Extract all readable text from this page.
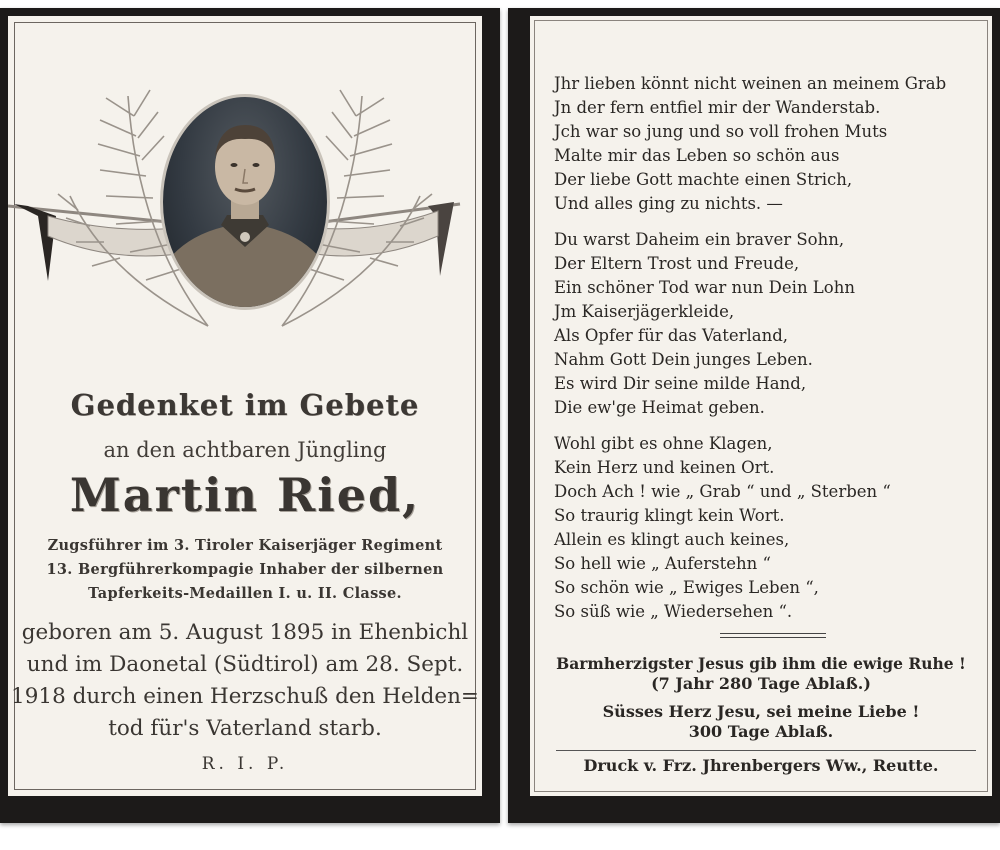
Gedenket im Gebete
an den achtbaren Jüngling
Martin Ried,
Zugsführer im 3. Tiroler Kaiserjäger Regiment
13. Bergführerkompagie Inhaber der silbernen
Tapferkeits-Medaillen I. u. II. Classe.
geboren am 5. August 1895 in Ehenbichl
und im Daonetal (Südtirol) am 28. Sept.
1918 durch einen Herzschuß den Helden=
tod für's Vaterland starb.
R. I. P.
Jhr lieben könnt nicht weinen an meinem Grab
Jn der fern entfiel mir der Wanderstab.
Jch war so jung und so voll frohen Muts
Malte mir das Leben so schön aus
Der liebe Gott machte einen Strich,
Und alles ging zu nichts. —
Du warst Daheim ein braver Sohn,
Der Eltern Trost und Freude,
Ein schöner Tod war nun Dein Lohn
Jm Kaiserjägerkleide,
Als Opfer für das Vaterland,
Nahm Gott Dein junges Leben.
Es wird Dir seine milde Hand,
Die ew'ge Heimat geben.
Wohl gibt es ohne Klagen,
Kein Herz und keinen Ort.
Doch Ach ! wie „ Grab “ und „ Sterben “
So traurig klingt kein Wort.
Allein es klingt auch keines,
So hell wie „ Auferstehn “
So schön wie „ Ewiges Leben “,
So süß wie „ Wiedersehen “.
Barmherzigster Jesus gib ihm die ewige Ruhe !
(7 Jahr 280 Tage Ablaß.)
Süsses Herz Jesu, sei meine Liebe !
300 Tage Ablaß.
Druck v. Frz. Jhrenbergers Ww., Reutte.
